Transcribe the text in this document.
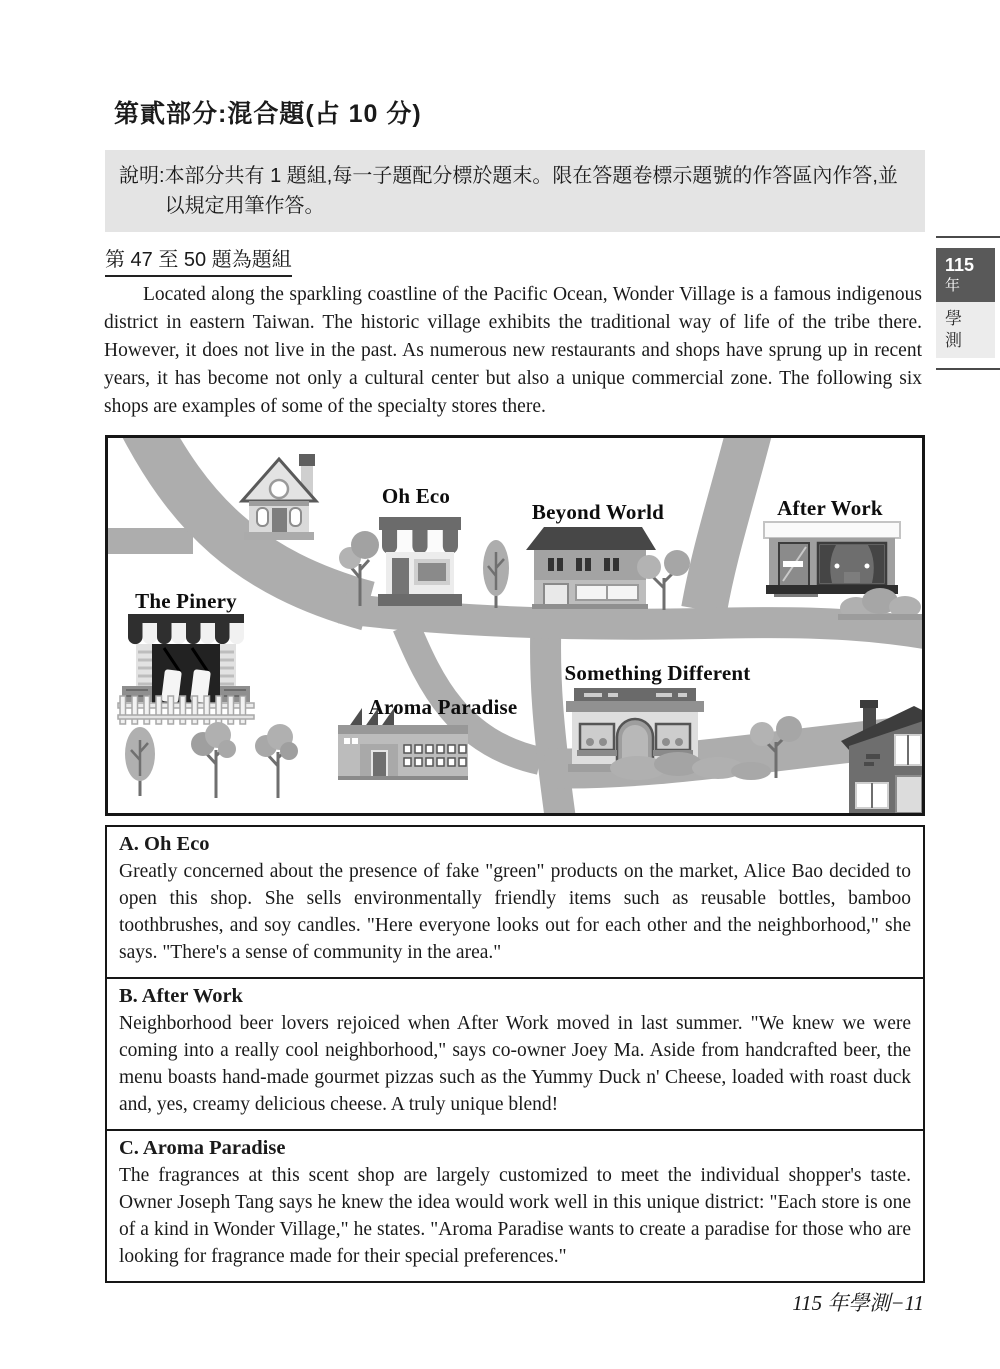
第貳部分:混合題(占 10 分)
說明: 本部分共有 1 題組,每一子題配分標於題末。限在答題卷標示題號的作答區內作答,並以規定用筆作答。
第 47 至 50 題為題組

Located along the sparkling coastline of the Pacific Ocean, Wonder Village is a famous indigenous district in eastern Taiwan. The historic village exhibits the traditional way of life of the tribe there. However, it does not live in the past. As numerous new restaurants and shops have sprung up in recent years, it has become not only a cultural center but also a unique commercial zone. The following six shops are examples of some of the specialty stores there.

Oh Eco
Beyond World	After Work
The Pinery
Something Different
Aroma Paradise
A. Oh Eco

Greatly concerned about the presence of fake "green" products on the market, Alice Bao decided to open this shop. She sells environmentally friendly items such as reusable bottles, bamboo toothbrushes, and soy candles. "Here everyone looks out for each other and the neighborhood," she says. "There's a sense of community in the area."

B. After Work

Neighborhood beer lovers rejoiced when After Work moved in last summer. "We knew we were coming into a really cool neighborhood," says co-owner Joey Ma. Aside from handcrafted beer, the menu boasts hand-made gourmet pizzas such as the Yummy Duck n' Cheese, loaded with roast duck and, yes, creamy delicious cheese. A truly unique blend!

C. Aroma Paradise

The fragrances at this scent shop are largely customized to meet the individual shopper's taste. Owner Joseph Tang says he knew the idea would work well in this unique district: "Each store is one of a kind in Wonder Village," he states. "Aroma Paradise wants to create a paradise for those who are looking for fragrance made for their special preferences."

115
年
學測
115 年學測−11
